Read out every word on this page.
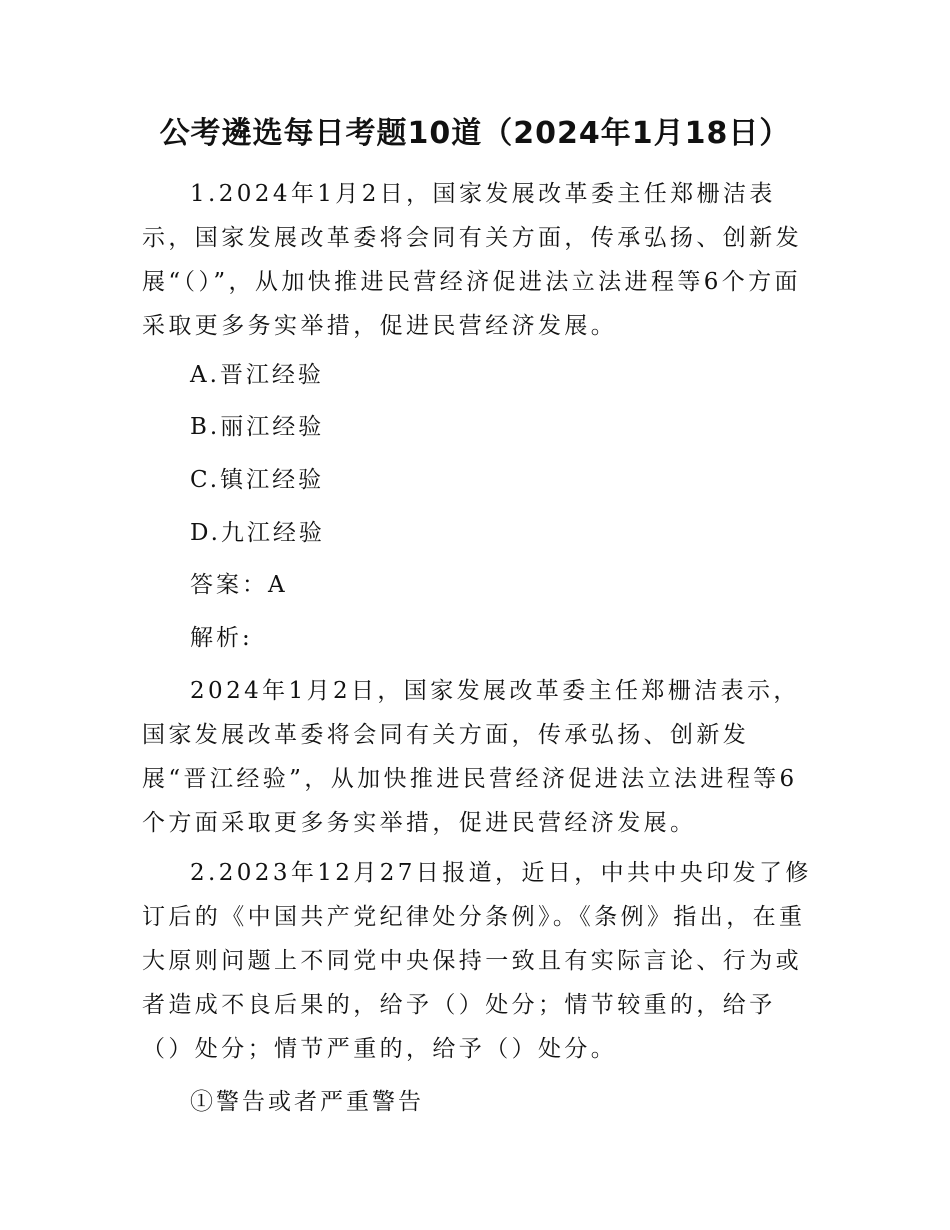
公考遴选每日考题10道（2024年1月18日）
1.2024年1月2日，国家发展改革委主任郑栅洁表示，国家发展改革委将会同有关方面，传承弘扬、创新发展“（）”，从加快推进民营经济促进法立法进程等6个方面采取更多务实举措，促进民营经济发展。
A.晋江经验
B.丽江经验
C.镇江经验
D.九江经验
答案：A
解析:
2024年1月2日，国家发展改革委主任郑栅洁表示，国家发展改革委将会同有关方面，传承弘扬、创新发展“晋江经验”，从加快推进民营经济促进法立法进程等6个方面采取更多务实举措，促进民营经济发展。
2.2023年12月27日报道，近日，中共中央印发了修订后的《中国共产党纪律处分条例》。《条例》指出，在重大原则问题上不同党中央保持一致且有实际言论、行为或者造成不良后果的，给予（）处分；情节较重的，给予（）处分；情节严重的，给予（）处分。
①警告或者严重警告
